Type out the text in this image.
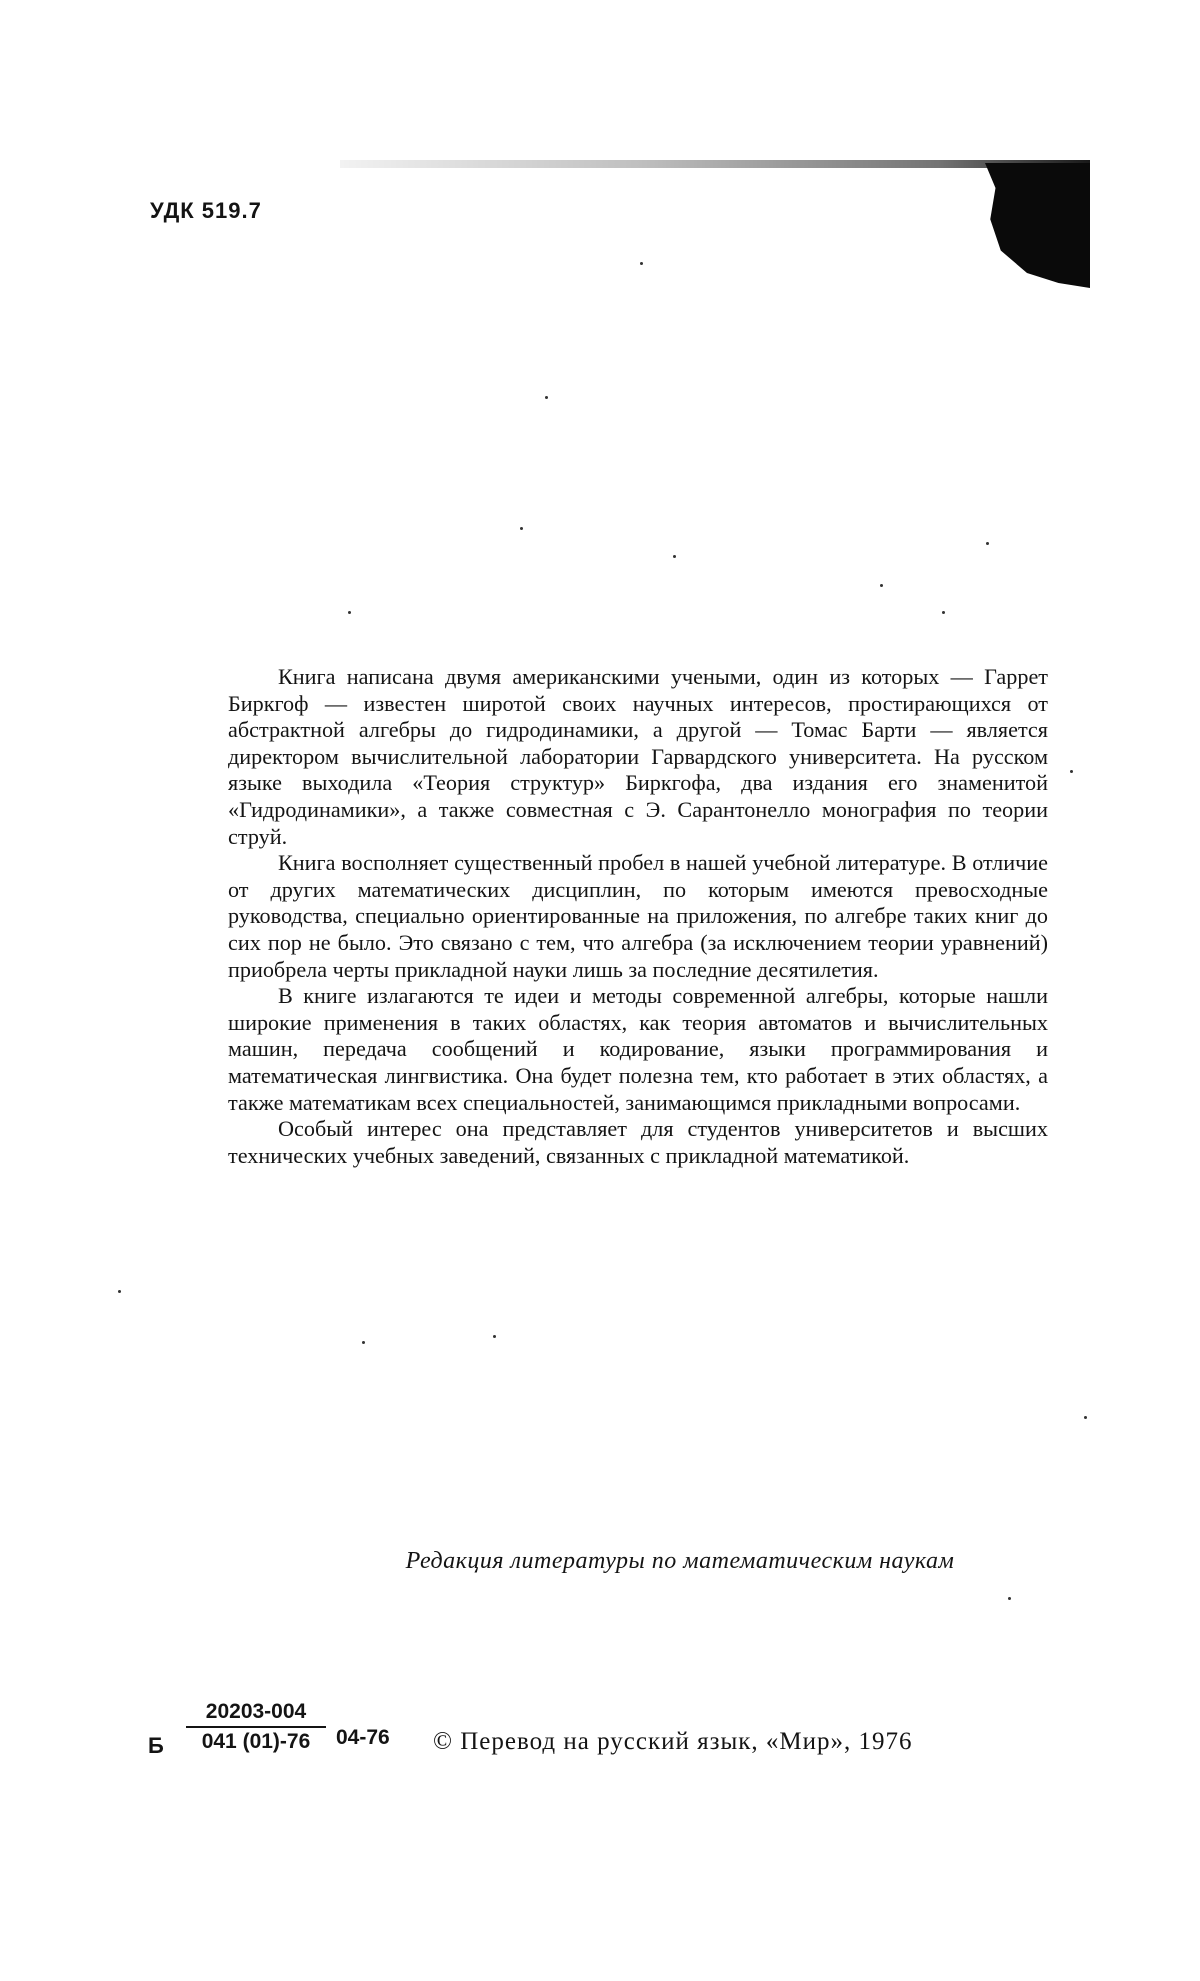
УДК 519.7

Книга написана двумя американскими учеными, один из которых — Гаррет Биркгоф — известен широтой своих научных интересов, простирающихся от абстрактной алгебры до гидродинамики, а другой — Томас Барти — является директором вычислительной лаборатории Гарвардского университета. На русском языке выходила «Теория структур» Биркгофа, два издания его знаменитой «Гидродинамики», а также совместная с Э. Сарантонелло монография по теории струй.

Книга восполняет существенный пробел в нашей учебной литературе. В отличие от других математических дисциплин, по которым имеются превосходные руководства, специально ориентированные на приложения, по алгебре таких книг до сих пор не было. Это связано с тем, что алгебра (за исключением теории уравнений) приобрела черты прикладной науки лишь за последние десятилетия.

В книге излагаются те идеи и методы современной алгебры, которые нашли широкие применения в таких областях, как теория автоматов и вычислительных машин, передача сообщений и кодирование, языки программирования и математическая лингвистика. Она будет полезна тем, кто работает в этих областях, а также математикам всех специальностей, занимающимся прикладными вопросами.

Особый интерес она представляет для студентов университетов и высших технических учебных заведений, связанных с прикладной математикой.

Редакция литературы по математическим наукам
Б $\frac{20203-004}{041 (01)-76} 04-76$ © Перевод на русский язык, «Мир», 1976
